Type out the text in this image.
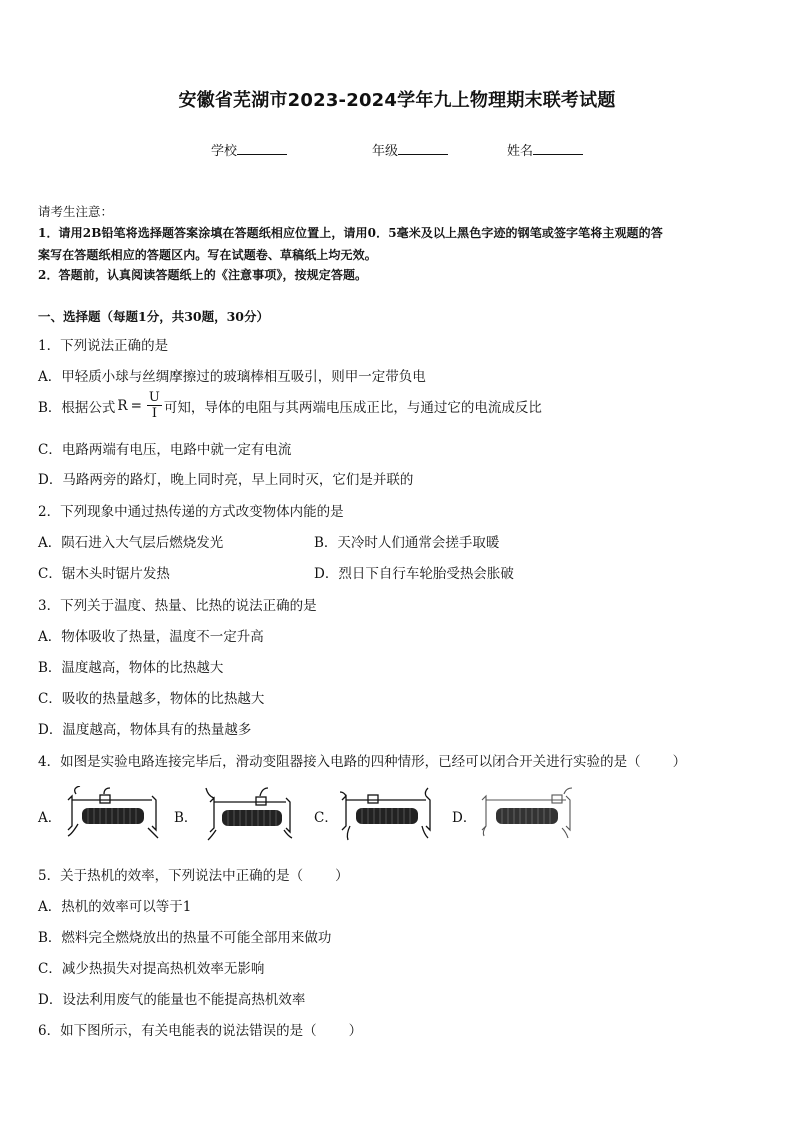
安徽省芜湖市2023-2024学年九上物理期末联考试题
学校	年级	姓名
请考生注意：
1．请用2B铅笔将选择题答案涂填在答题纸相应位置上，请用0．5毫米及以上黑色字迹的钢笔或签字笔将主观题的答
案写在答题纸相应的答题区内。写在试题卷、草稿纸上均无效。
2．答题前，认真阅读答题纸上的《注意事项》，按规定答题。
一、选择题（每题1分，共30题，30分）
1．下列说法正确的是
A．甲轻质小球与丝绸摩擦过的玻璃棒相互吸引，则甲一定带负电
B．根据公式 $R = \frac{U}{I}$ 可知，导体的电阻与其两端电压成正比，与通过它的电流成反比
C．电路两端有电压，电路中就一定有电流
D．马路两旁的路灯，晚上同时亮，早上同时灭，它们是并联的
2．下列现象中通过热传递的方式改变物体内能的是
A．陨石进入大气层后燃烧发光	B．天冷时人们通常会搓手取暖
C．锯木头时锯片发热	D．烈日下自行车轮胎受热会胀破
3．下列关于温度、热量、比热的说法正确的是
A．物体吸收了热量，温度不一定升高
B．温度越高，物体的比热越大
C．吸收的热量越多，物体的比热越大
D．温度越高，物体具有的热量越多
4．如图是实验电路连接完毕后，滑动变阻器接入电路的四种情形，已经可以闭合开关进行实验的是（ ）
A．	B．	C．	D．
5．关于热机的效率，下列说法中正确的是（ ）
A．热机的效率可以等于1
B．燃料完全燃烧放出的热量不可能全部用来做功
C．减少热损失对提高热机效率无影响
D．设法利用废气的能量也不能提高热机效率
6．如下图所示，有关电能表的说法错误的是（ ）
